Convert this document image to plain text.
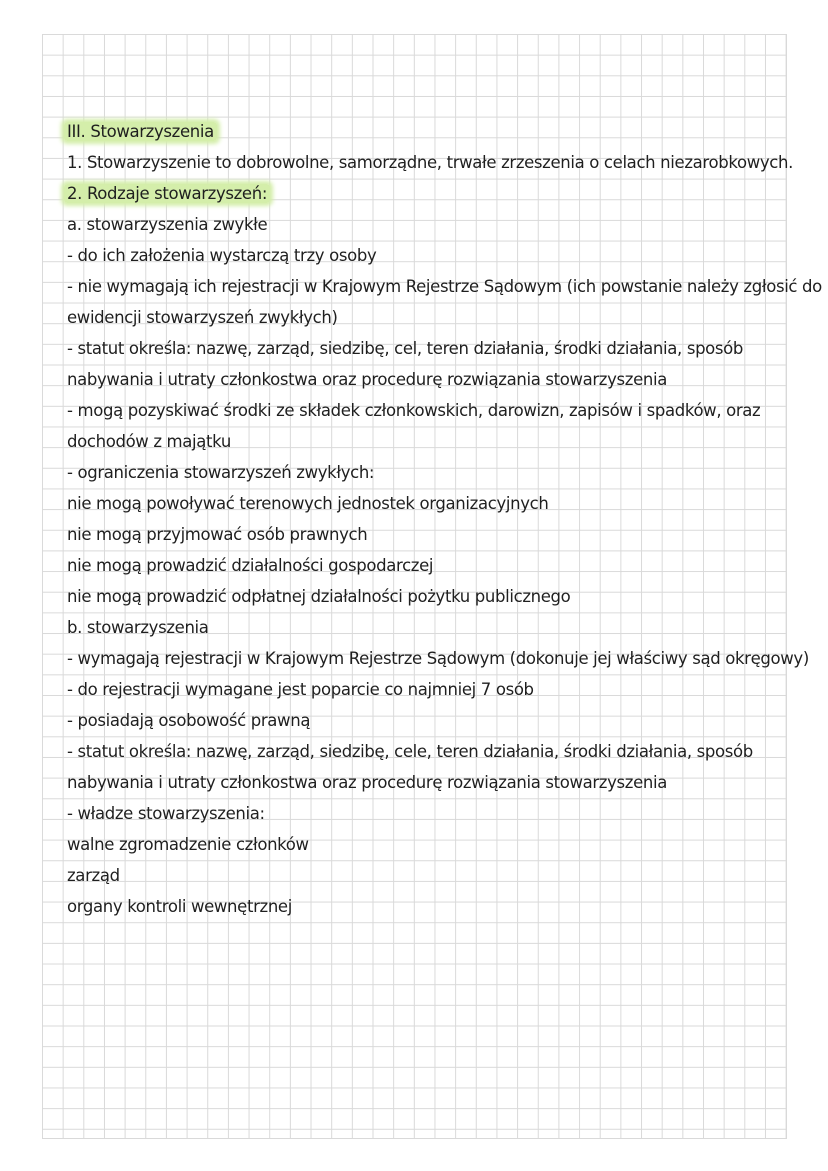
III. Stowarzyszenia
1. Stowarzyszenie to dobrowolne, samorządne, trwałe zrzeszenia o celach niezarobkowych.
2. Rodzaje stowarzyszeń:
a. stowarzyszenia zwykłe
- do ich założenia wystarczą trzy osoby
- nie wymagają ich rejestracji w Krajowym Rejestrze Sądowym (ich powstanie należy zgłosić do
ewidencji stowarzyszeń zwykłych)
- statut określa: nazwę, zarząd, siedzibę, cel, teren działania, środki działania, sposób
nabywania i utraty członkostwa oraz procedurę rozwiązania stowarzyszenia
- mogą pozyskiwać środki ze składek członkowskich, darowizn, zapisów i spadków, oraz
dochodów z majątku
- ograniczenia stowarzyszeń zwykłych:
nie mogą powoływać terenowych jednostek organizacyjnych
nie mogą przyjmować osób prawnych
nie mogą prowadzić działalności gospodarczej
nie mogą prowadzić odpłatnej działalności pożytku publicznego
b. stowarzyszenia
- wymagają rejestracji w Krajowym Rejestrze Sądowym (dokonuje jej właściwy sąd okręgowy)
- do rejestracji wymagane jest poparcie co najmniej 7 osób
- posiadają osobowość prawną
- statut określa: nazwę, zarząd, siedzibę, cele, teren działania, środki działania, sposób
nabywania i utraty członkostwa oraz procedurę rozwiązania stowarzyszenia
- władze stowarzyszenia:
walne zgromadzenie członków
zarząd
organy kontroli wewnętrznej
